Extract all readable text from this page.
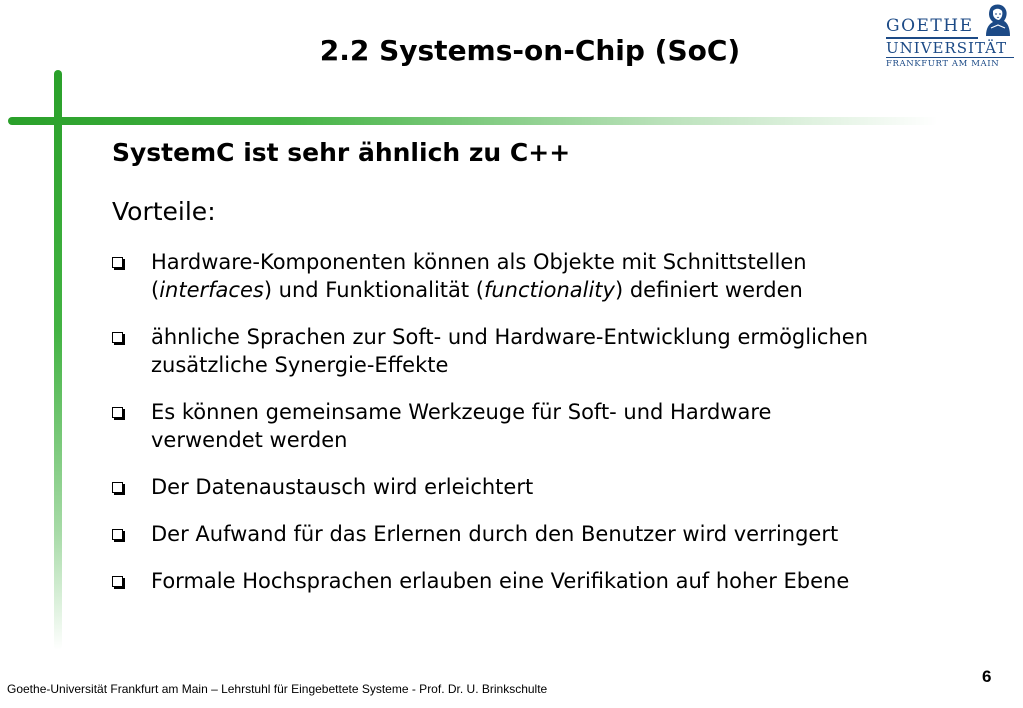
2.2 Systems-on-Chip (SoC)
GOETHE
UNIVERSITÄT
FRANKFURT AM MAIN
SystemC ist sehr ähnlich zu C++
Vorteile:
Hardware-Komponenten können als Objekte mit Schnittstellen
(interfaces) und Funktionalität (functionality) definiert werden
ähnliche Sprachen zur Soft- und Hardware-Entwicklung ermöglichen
zusätzliche Synergie-Effekte
Es können gemeinsame Werkzeuge für Soft- und Hardware
verwendet werden
Der Datenaustausch wird erleichtert
Der Aufwand für das Erlernen durch den Benutzer wird verringert
Formale Hochsprachen erlauben eine Verifikation auf hoher Ebene
Goethe-Universität Frankfurt am Main – Lehrstuhl für Eingebettete Systeme - Prof. Dr. U. Brinkschulte
6
